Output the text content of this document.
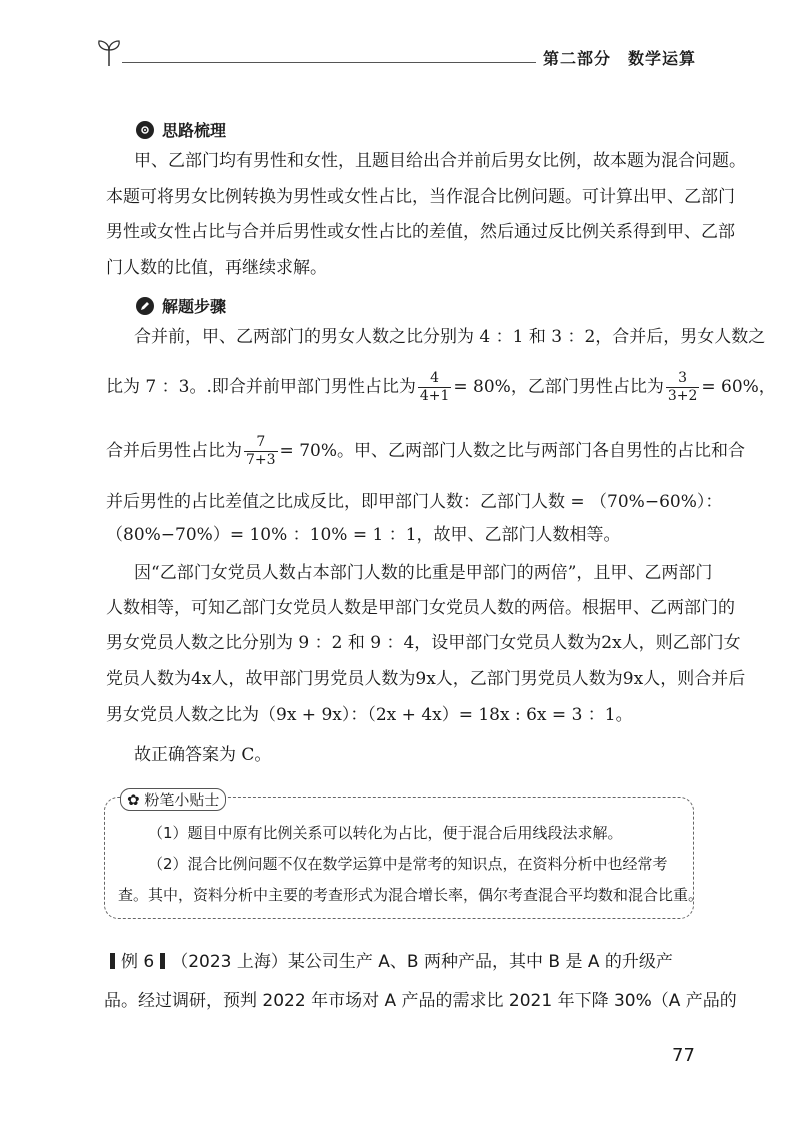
第二部分　数学运算
思路梳理
甲、乙部门均有男性和女性，且题目给出合并前后男女比例，故本题为混合问题。
本题可将男女比例转换为男性或女性占比，当作混合比例问题。可计算出甲、乙部门
男性或女性占比与合并后男性或女性占比的差值，然后通过反比例关系得到甲、乙部
门人数的比值，再继续求解。
解题步骤
合并前，甲、乙两部门的男女人数之比分别为 4 ：1 和 3 ：2，合并后，男女人数之
比为 7 ：3。.即合并前甲部门男性占比为 $\frac{4}{4+1} = 80\%$，乙部门男性占比为 $\frac{3}{3+2} = 60\%$，
合并后男性占比为 $\frac{7}{7+3} = 70\%$。甲、乙两部门人数之比与两部门各自男性的占比和合
并后男性的占比差值之比成反比，即甲部门人数：乙部门人数 = （70%−60%）：
（80%−70%）= 10% ：10% = 1 ：1，故甲、乙部门人数相等。
因“乙部门女党员人数占本部门人数的比重是甲部门的两倍”，且甲、乙两部门
人数相等，可知乙部门女党员人数是甲部门女党员人数的两倍。根据甲、乙两部门的
男女党员人数之比分别为 9 ：2 和 9 ：4，设甲部门女党员人数为2x人，则乙部门女
党员人数为4x人，故甲部门男党员人数为9x人，乙部门男党员人数为9x人，则合并后
男女党员人数之比为（9x + 9x）：（2x + 4x）= 18x : 6x = 3 ：1。
故正确答案为 C。
✿ 粉笔小贴士
（1）题目中原有比例关系可以转化为占比，便于混合后用线段法求解。
（2）混合比例问题不仅在数学运算中是常考的知识点，在资料分析中也经常考
查。其中，资料分析中主要的考查形式为混合增长率，偶尔考查混合平均数和混合比重。
例 6 （2023 上海）某公司生产 A、B 两种产品，其中 B 是 A 的升级产
品。经过调研，预判 2022 年市场对 A 产品的需求比 2021 年下降 30%（A 产品的
77
